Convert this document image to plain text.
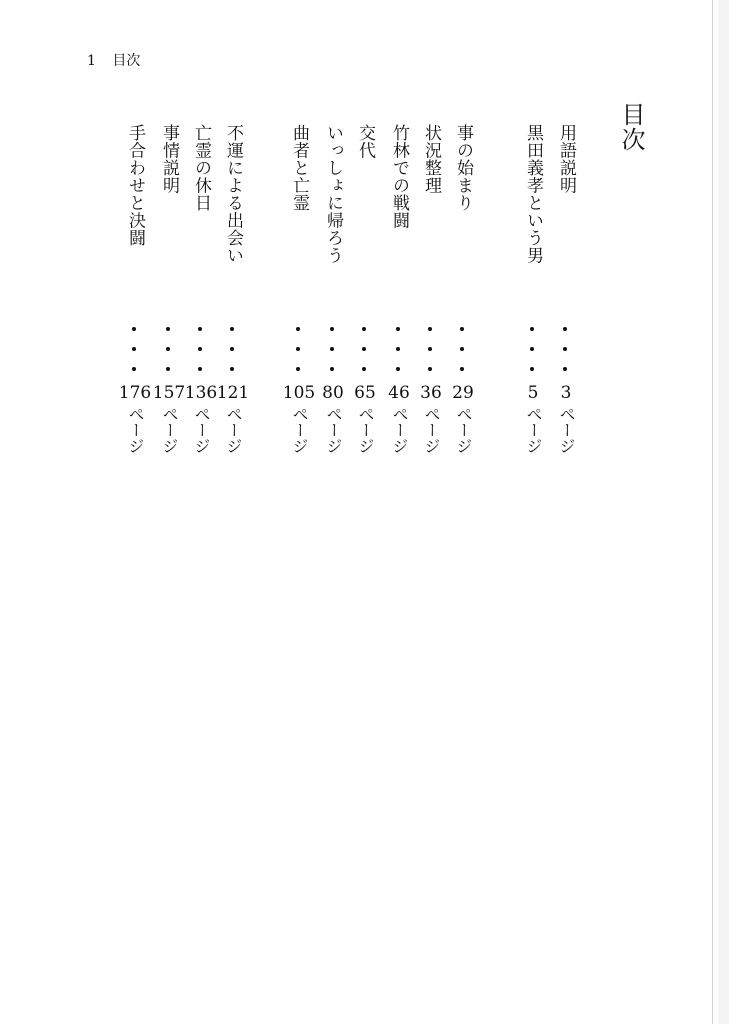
1 目次
目次
用語説明
3
ページ
黒田義孝という男
5
ページ
事の始まり
29
ページ
状況整理
36
ページ
竹林での戦闘
46
ページ
交代
65
ページ
いっしょに帰ろう
80
ページ
曲者と亡霊
105
ページ
不運による出会い
121
ページ
亡霊の休日
136
ページ
事情説明
157
ページ
手合わせと決闘
176
ページ
